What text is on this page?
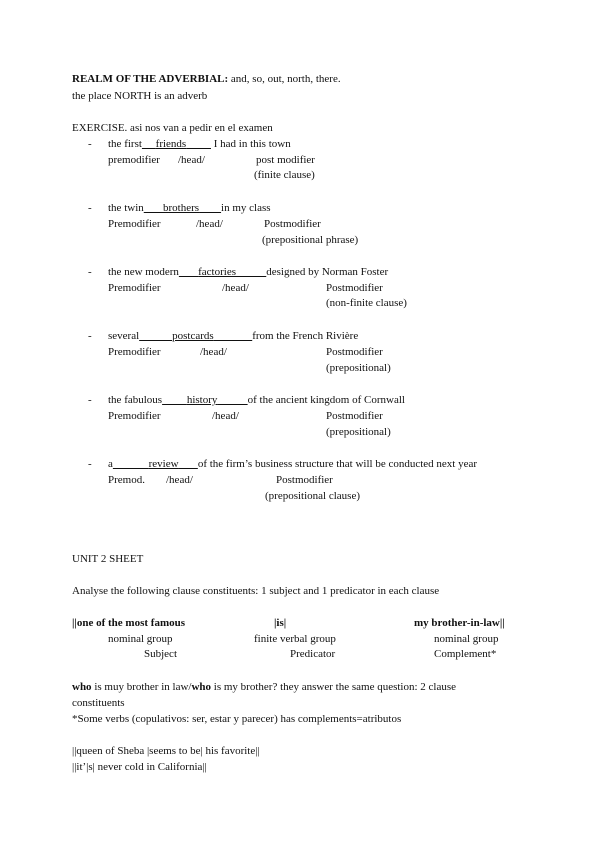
REALM OF THE ADVERBIAL: and, so, out, north, there.
the place NORTH is an adverb
EXERCISE. asi nos van a pedir en el examen
- the first friends	I had in this town
premodifier /head/	post modifier
(finite clause)
- the twin brothers in my class
Premodifier	/head/	Postmodifier
(prepositional phrase)
- the new modern factories	designed by Norman Foster
Premodifier	/head/	Postmodifier
(non-finite clause)
- several	postcards	from the French Rivière
Premodifier	/head/	Postmodifier
(prepositional)
- the fabulous history	of the ancient kingdom of Cornwall
Premodifier	/head/	Postmodifier
(prepositional)
- a	review of the firm’s business structure that will be conducted next year
Premod. /head/	Postmodifier
(prepositional clause)
UNIT 2 SHEET
Analyse the following clause constituents: 1 subject and 1 predicator in each clause
||one of the most famous	|is|	my brother-in-law||
nominal group	finite verbal group	nominal group
Subject	Predicator	Complement*
who is muy brother in law/who is my brother? they answer the same question: 2 clause
constituents
*Some verbs (copulativos: ser, estar y parecer) has complements=atributos
||queen of Sheba |seems to be| his favorite||
||it’|s| never cold in California||
